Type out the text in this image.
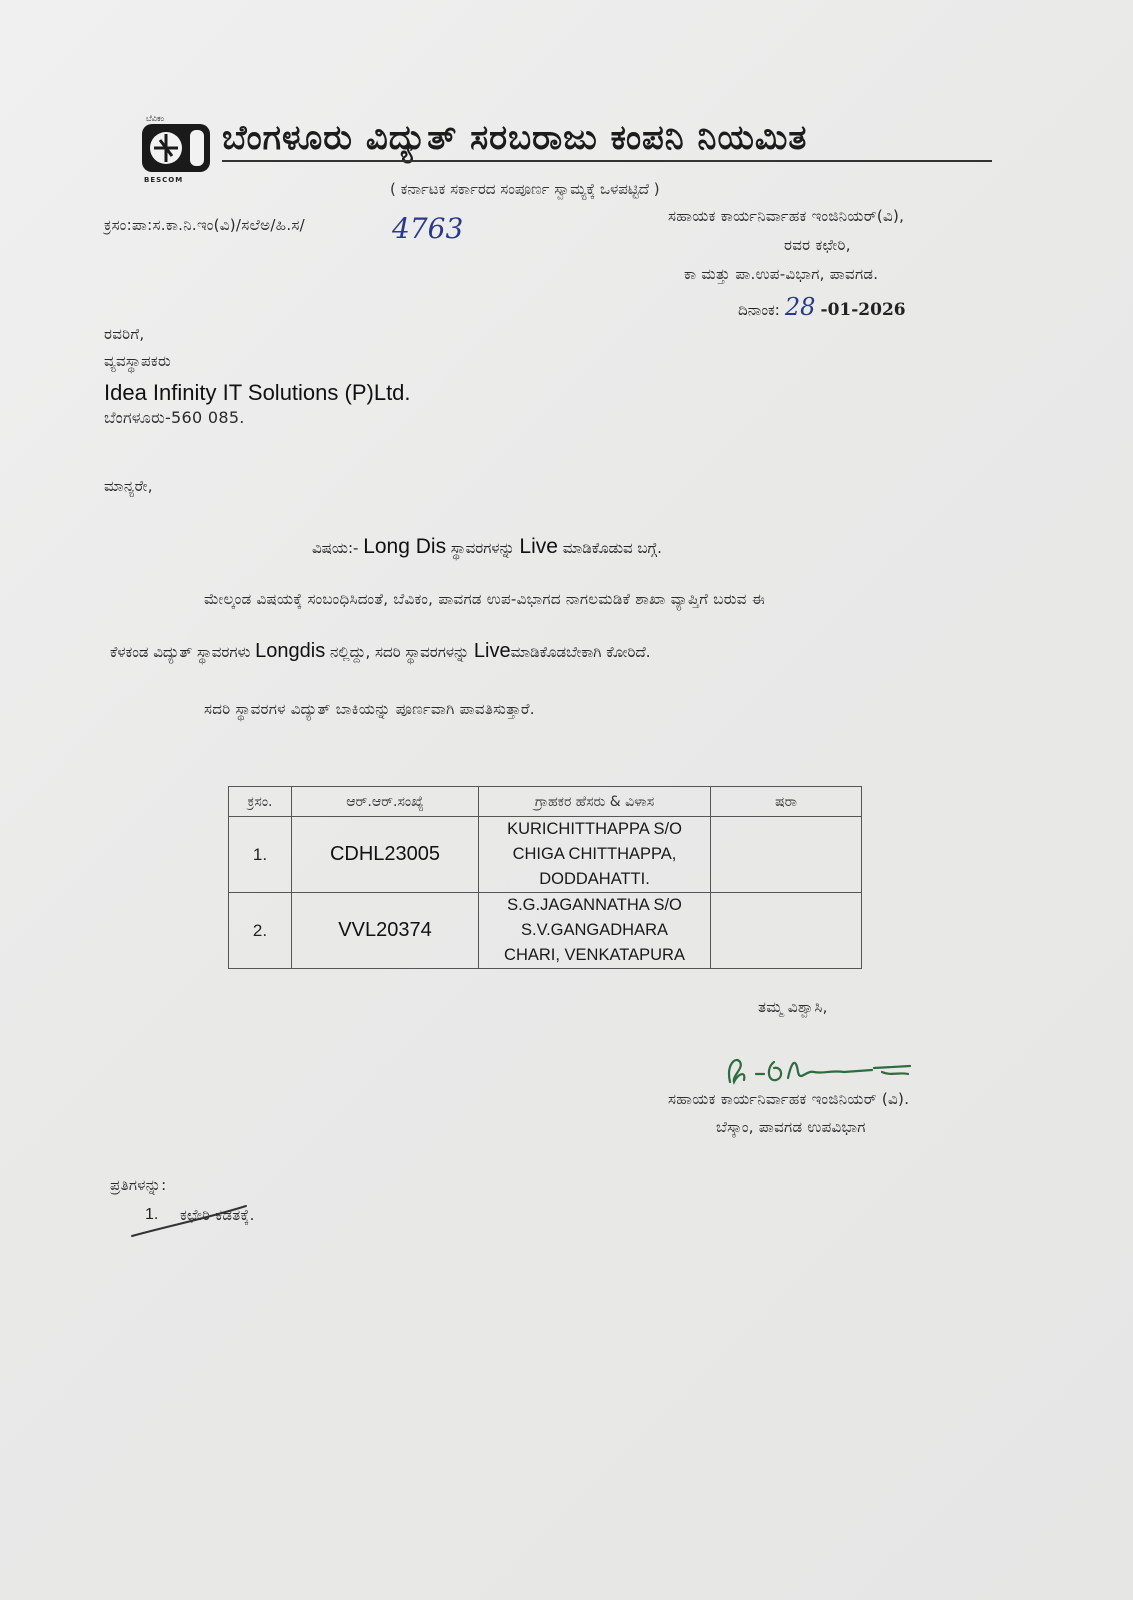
ಬೆವಿಕಂ
BESCOM
ಬೆಂಗಳೂರು ವಿದ್ಯುತ್ ಸರಬರಾಜು ಕಂಪನಿ ನಿಯಮಿತ
( ಕರ್ನಾಟಕ ಸರ್ಕಾರದ ಸಂಪೂರ್ಣ ಸ್ವಾಮ್ಯಕ್ಕೆ ಒಳಪಟ್ಟಿದೆ )
ಕ್ರಸಂ:ಪಾ:ಸ.ಕಾ.ನಿ.ಇಂ(ವಿ)/ಸಲೆಅ/ಹಿ.ಸ/	4763	ಸಹಾಯಕ ಕಾರ್ಯನಿರ್ವಾಹಕ ಇಂಜಿನಿಯರ್(ವಿ),
ರವರ ಕಛೇರಿ,
ಕಾ ಮತ್ತು ಪಾ.ಉಪ-ವಿಭಾಗ, ಪಾವಗಡ.
ದಿನಾಂಕ: 28 -01-2026
ರವರಿಗೆ,
ವ್ಯವಸ್ಥಾಪಕರು
Idea Infinity IT Solutions (P)Ltd.
ಬೆಂಗಳೂರು-560 085.
ಮಾನ್ಯರೇ,
ವಿಷಯ:- Long Dis ಸ್ಥಾವರಗಳನ್ನು Live ಮಾಡಿಕೊಡುವ ಬಗ್ಗೆ.
ಮೇಲ್ಕಂಡ ವಿಷಯಕ್ಕೆ ಸಂಬಂಧಿಸಿದಂತೆ, ಬೆವಿಕಂ, ಪಾವಗಡ ಉಪ-ವಿಭಾಗದ ನಾಗಲಮಡಿಕೆ ಶಾಖಾ ವ್ಯಾಪ್ತಿಗೆ ಬರುವ ಈ
ಕೆಳಕಂಡ ವಿದ್ಯುತ್ ಸ್ಥಾವರಗಳು Longdis ನಲ್ಲಿದ್ದು, ಸದರಿ ಸ್ಥಾವರಗಳನ್ನು Liveಮಾಡಿಕೊಡಬೇಕಾಗಿ ಕೋರಿದೆ.
ಸದರಿ ಸ್ಥಾವರಗಳ ವಿದ್ಯುತ್ ಬಾಕಿಯನ್ನು ಪೂರ್ಣವಾಗಿ ಪಾವತಿಸುತ್ತಾರೆ.
ಕ್ರಸಂ.	ಆರ್.ಆರ್.ಸಂಖ್ಯೆ	ಗ್ರಾಹಕರ ಹೆಸರು & ವಿಳಾಸ	ಷರಾ
1.	CDHL23005	KURICHITTHAPPA S/O
CHIGA CHITTHAPPA,
DODDAHATTI.	

2.	VVL20374	S.G.JAGANNATHA S/O
S.V.GANGADHARA
CHARI, VENKATAPURA	

ತಮ್ಮ ವಿಶ್ವಾಸಿ,
ಸಹಾಯಕ ಕಾರ್ಯನಿರ್ವಾಹಕ ಇಂಜಿನಿಯರ್ (ವಿ).
ಬೆಸ್ಕಾಂ, ಪಾವಗಡ ಉಪವಿಭಾಗ
ಪ್ರತಿಗಳನ್ನು:
1. ಕಛೇರಿ ಕಡತಕ್ಕೆ.
